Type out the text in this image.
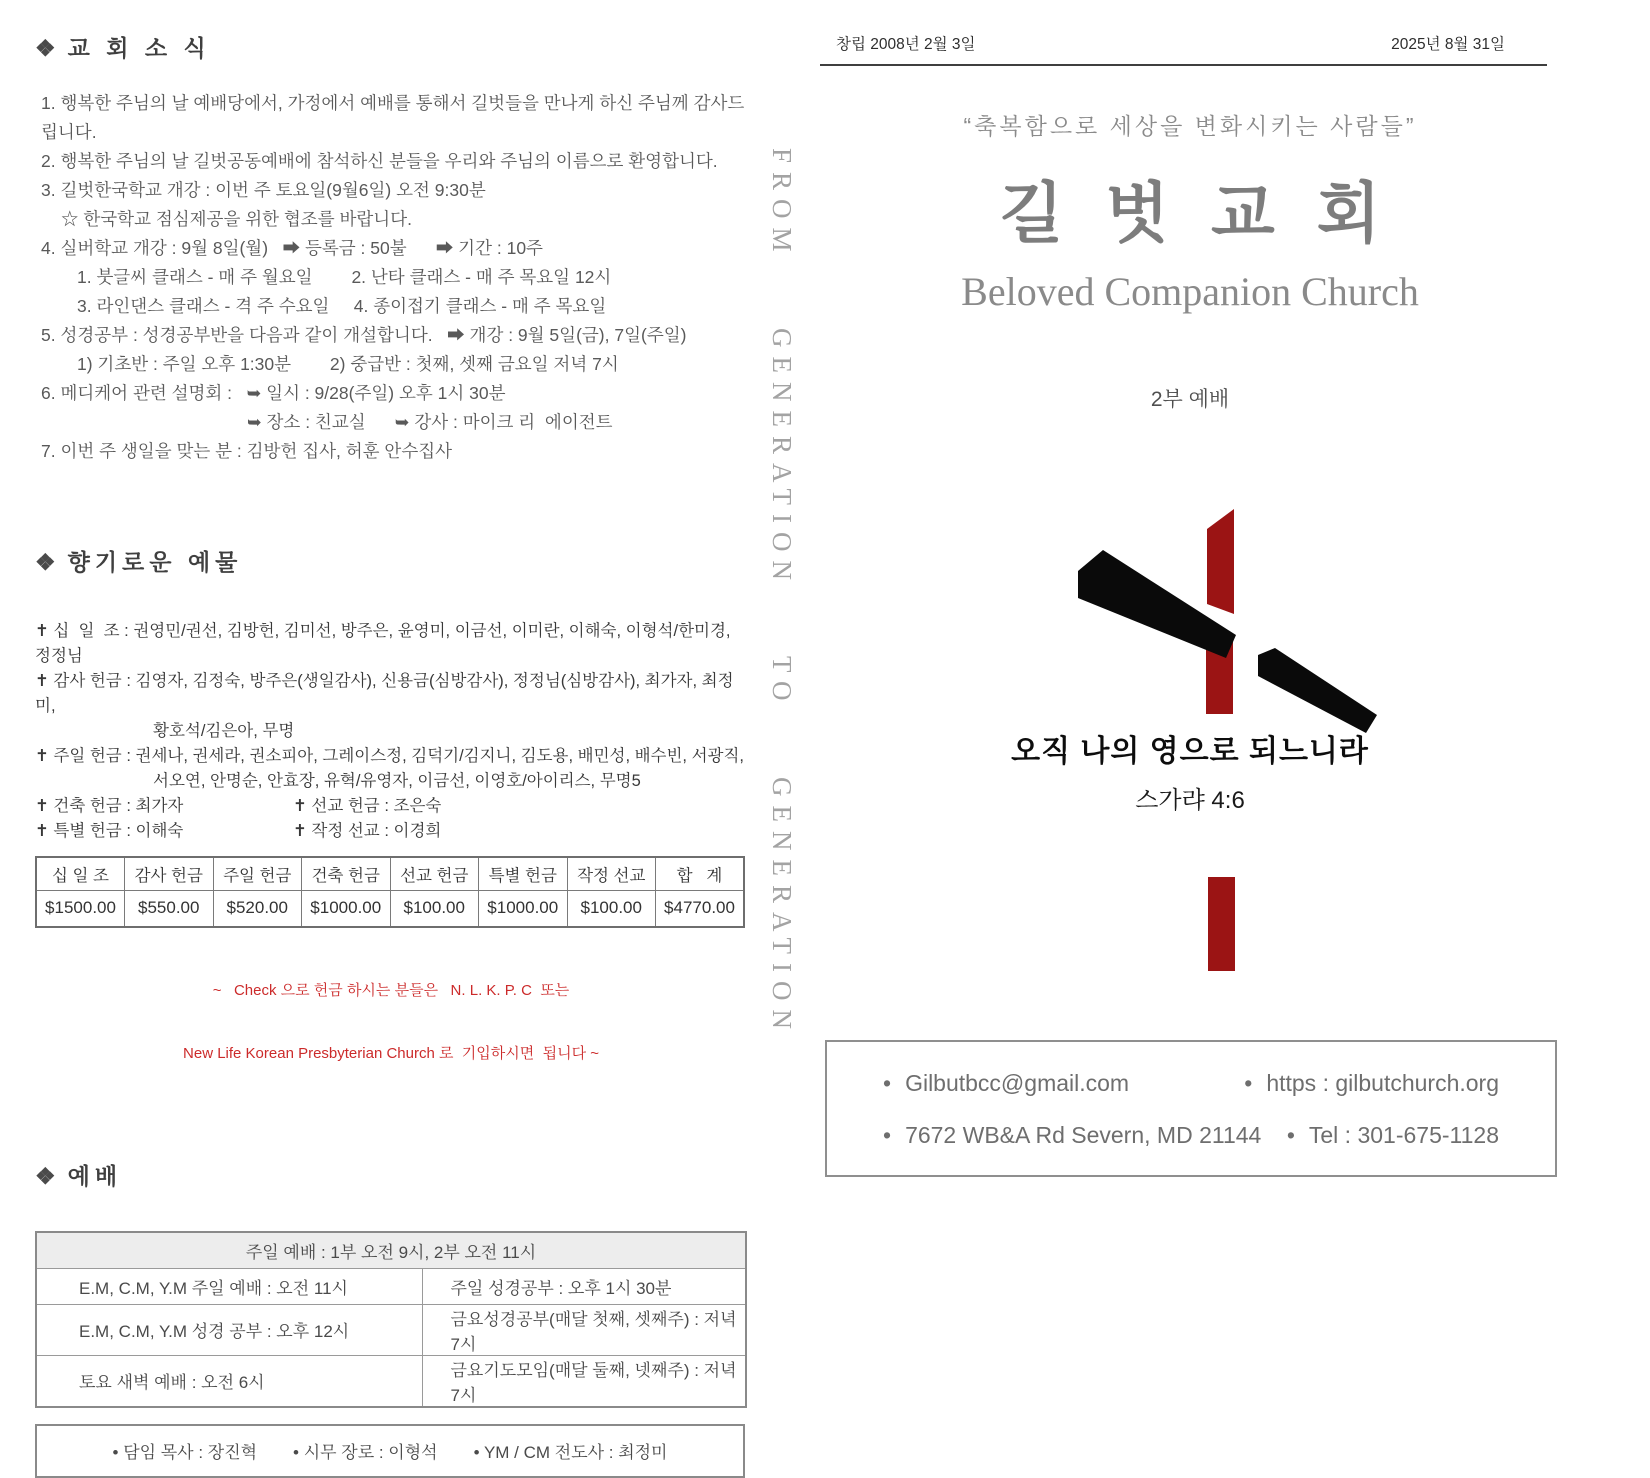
❖ 교 회 소 식
1. 행복한 주님의 날 예배당에서, 가정에서 예배를 통해서 길벗들을 만나게 하신 주님께 감사드립니다.
2. 행복한 주님의 날 길벗공동예배에 참석하신 분들을 우리와 주님의 이름으로 환영합니다.
3. 길벗한국학교 개강 : 이번 주 토요일(9월6일) 오전 9:30분
☆ 한국학교 점심제공을 위한 협조를 바랍니다.
4. 실버학교 개강 : 9월 8일(월)   ➡ 등록금 : 50불      ➡ 기간 : 10주
1. 붓글씨 클래스 - 매 주 월요일        2. 난타 클래스 - 매 주 목요일 12시
3. 라인댄스 클래스 - 격 주 수요일     4. 종이접기 클래스 - 매 주 목요일
5. 성경공부 : 성경공부반을 다음과 같이 개설합니다.   ➡ 개강 : 9월 5일(금), 7일(주일)
1) 기초반 : 주일 오후 1:30분        2) 중급반 : 첫째, 셋째 금요일 저녁 7시
6. 메디케어 관련 설명회 :   ➥ 일시 : 9/28(주일) 오후 1시 30분
➥ 장소 : 친교실      ➥ 강사 : 마이크 리  에이전트
7. 이번 주 생일을 맞는 분 : 김방헌 집사, 허훈 안수집사
❖ 향기로운 예물
✝ 십  일  조 : 권영민/권선, 김방헌, 김미선, 방주은, 윤영미, 이금선, 이미란, 이해숙, 이형석/한미경, 정정님
✝ 감사 헌금 : 김영자, 김정숙, 방주은(생일감사), 신용금(심방감사), 정정님(심방감사), 최가자, 최정미,
황호석/김은아, 무명
✝ 주일 헌금 : 권세나, 권세라, 권소피아, 그레이스정, 김덕기/김지니, 김도용, 배민성, 배수빈, 서광직,
서오연, 안명순, 안효장, 유혁/유영자, 이금선, 이영호/아이리스, 무명5
✝ 건축 헌금 : 최가자	✝ 선교 헌금 : 조은숙
✝ 특별 헌금 : 이해숙	✝ 작정 선교 : 이경희
십 일 조	감사 헌금	주일 헌금	건축 헌금	선교 헌금	특별 헌금	작정 선교	합   계
$1500.00	$550.00	$520.00	$1000.00	$100.00	$1000.00	$100.00	$4770.00

~   Check 으로 헌금 하시는 분들은   N. L. K. P. C  또는

New Life Korean Presbyterian Church 로  기입하시면  됩니다 ~

❖ 예배
주일 예배 : 1부 오전 9시, 2부 오전 11시	
E.M, C.M, Y.M 주일 예배 : 오전 11시	주일 성경공부 : 오후 1시 30분
E.M, C.M, Y.M 성경 공부 : 오후 12시	금요성경공부(매달 첫째, 셋째주) : 저녁 7시
토요 새벽 예배 : 오전 6시	금요기도모임(매달 둘째, 넷째주) : 저녁 7시
• 담임 목사 : 장진혁 • 시무 장로 : 이형석 • YM / CM 전도사 : 최정미
FROM  GENERATION  TO  GENERATION
창립 2008년 2월 3일	2025년 8월 31일
“축복함으로 세상을 변화시키는 사람들”
길벗교회
Beloved Companion Church
2부 예배
오직 나의 영으로 되느니라
스가랴 4:6
• Gilbutbcc@gmail.com	• https : gilbutchurch.org
• 7672 WB&A Rd Severn, MD 21144 • Tel : 301-675-1128
